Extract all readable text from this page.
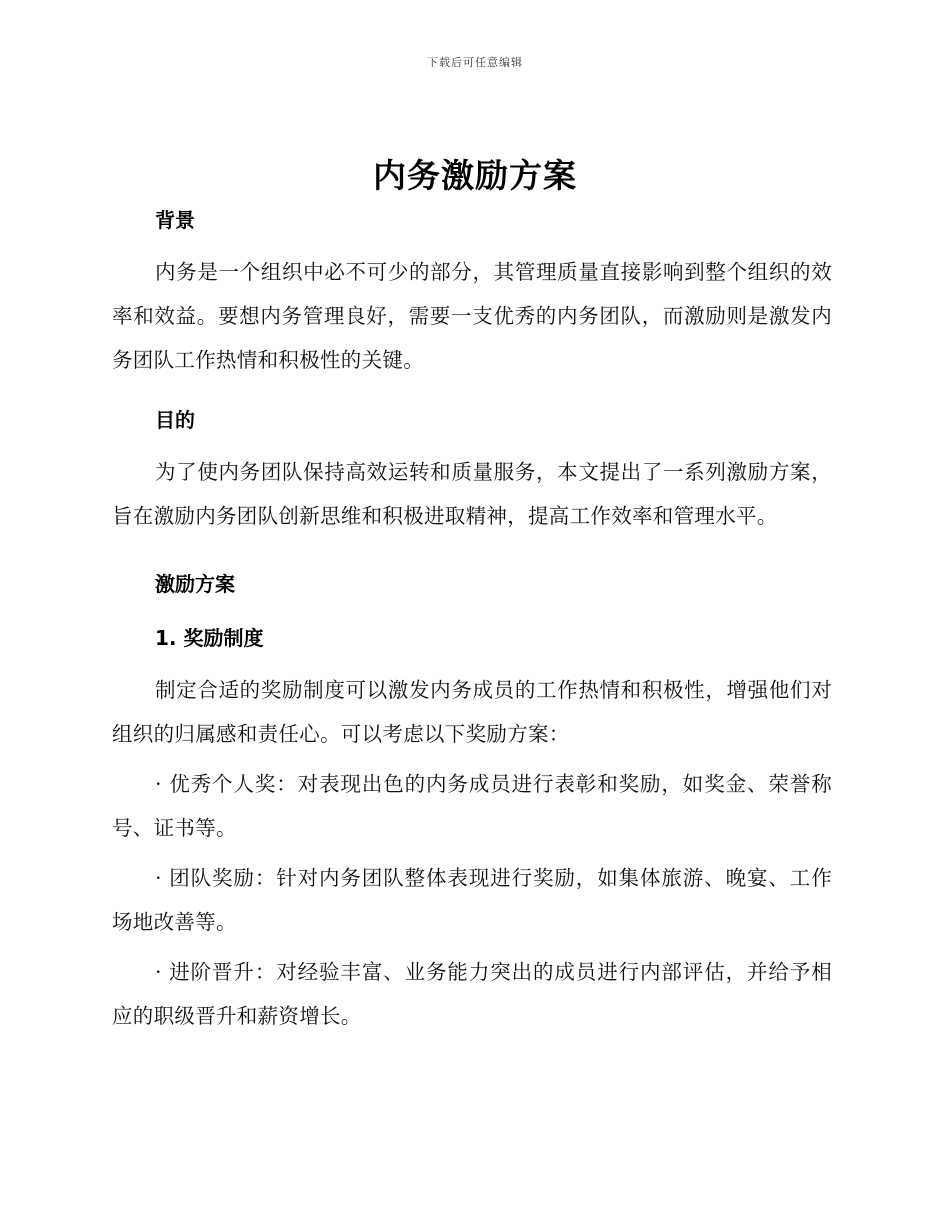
下载后可任意编辑
内务激励方案
背景

内务是一个组织中必不可少的部分，其管理质量直接影响到整个组织的效率和效益。要想内务管理良好，需要一支优秀的内务团队，而激励则是激发内务团队工作热情和积极性的关键。

目的

为了使内务团队保持高效运转和质量服务，本文提出了一系列激励方案，旨在激励内务团队创新思维和积极进取精神，提高工作效率和管理水平。

激励方案
1. 奖励制度

制定合适的奖励制度可以激发内务成员的工作热情和积极性，增强他们对组织的归属感和责任心。可以考虑以下奖励方案：

· 优秀个人奖：对表现出色的内务成员进行表彰和奖励，如奖金、荣誉称号、证书等。

· 团队奖励：针对内务团队整体表现进行奖励，如集体旅游、晚宴、工作场地改善等。

· 进阶晋升：对经验丰富、业务能力突出的成员进行内部评估，并给予相应的职级晋升和薪资增长。
